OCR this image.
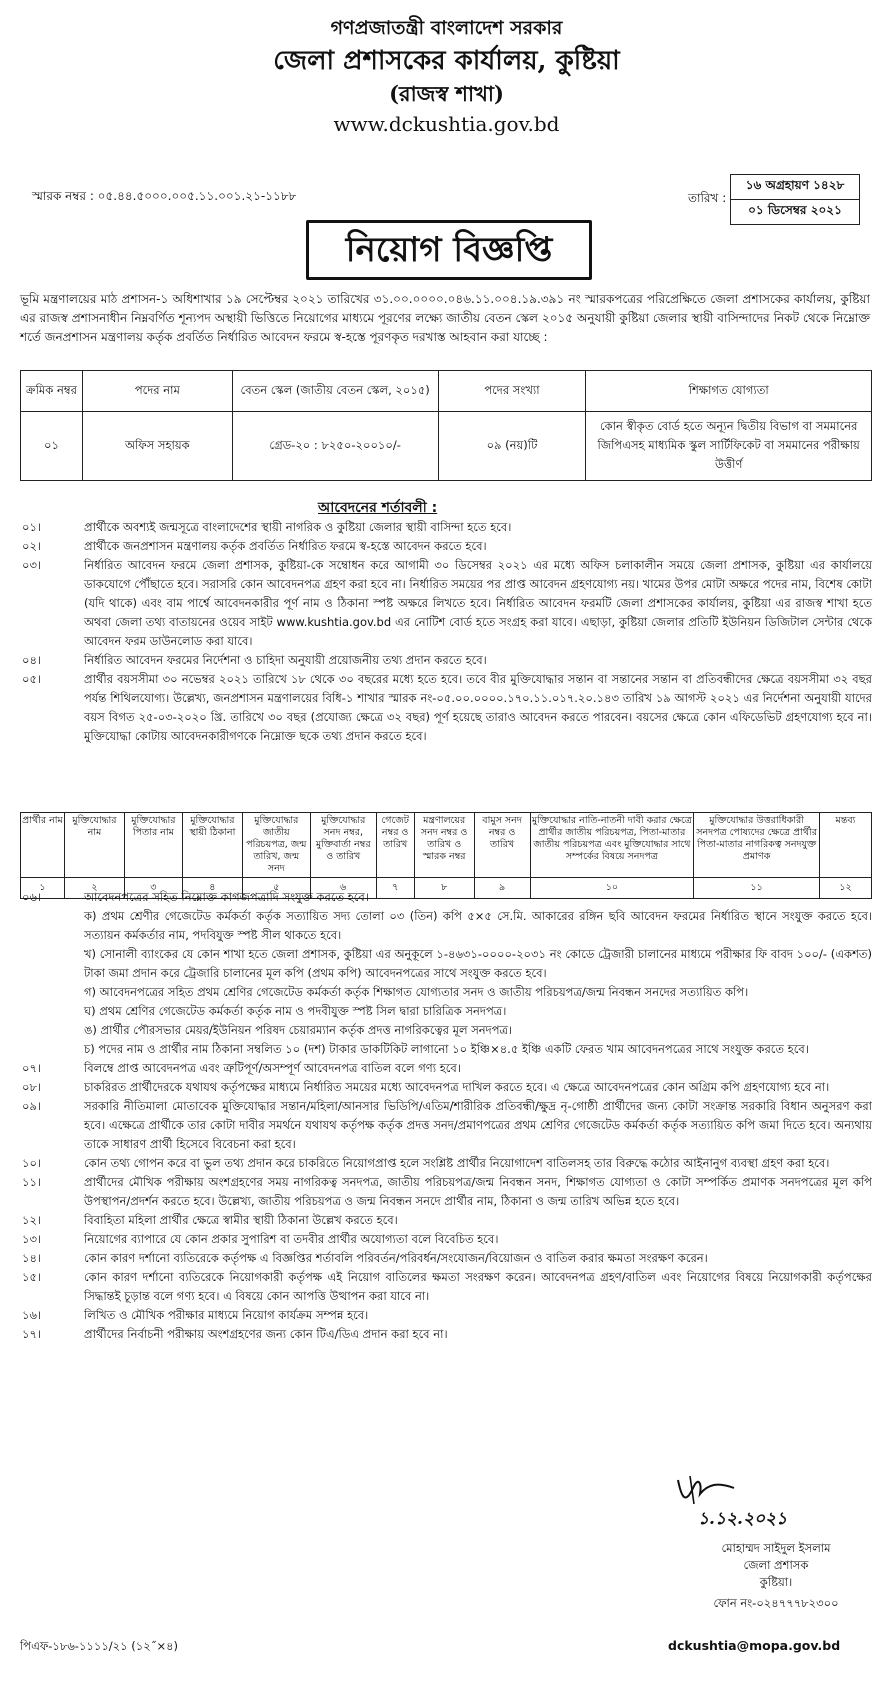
গণপ্রজাতন্ত্রী বাংলাদেশ সরকার
জেলা প্রশাসকের কার্যালয়, কুষ্টিয়া
(রাজস্ব শাখা)
www.dckushtia.gov.bd
স্মারক নম্বর : ০৫.৪৪.৫০০০.০০৫.১১.০০১.২১-১১৮৮	তারিখ :
১৬ অগ্রহায়ণ ১৪২৮
০১ ডিসেম্বর ২০২১
নিয়োগ বিজ্ঞপ্তি
ভূমি মন্ত্রণালয়ের মাঠ প্রশাসন-১ অধিশাখার ১৯ সেপ্টেম্বর ২০২১ তারিখের ৩১.০০.০০০০.০৪৬.১১.০০৪.১৯.৩৯১ নং স্মারকপত্রের পরিপ্রেক্ষিতে জেলা প্রশাসকের কার্যালয়, কুষ্টিয়া এর রাজস্ব প্রশাসনাধীন নিম্নবর্ণিত শূন্যপদ অস্থায়ী ভিত্তিতে নিয়োগের মাধ্যমে পূরণের লক্ষ্যে জাতীয় বেতন স্কেল ২০১৫ অনুযায়ী কুষ্টিয়া জেলার স্থায়ী বাসিন্দাদের নিকট থেকে নিম্নোক্ত শর্তে জনপ্রশাসন মন্ত্রণালয় কর্তৃক প্রবর্তিত নির্ধারিত আবেদন ফরমে স্ব-হস্তে পূরণকৃত দরখাস্ত আহবান করা যাচ্ছে :
ক্রমিক নম্বর	পদের নাম	বেতন স্কেল (জাতীয় বেতন স্কেল, ২০১৫)	পদের সংখ্যা	শিক্ষাগত যোগ্যতা
০১	অফিস সহায়ক	গ্রেড-২০ : ৮২৫০-২০০১০/-	০৯ (নয়)টি	কোন স্বীকৃত বোর্ড হতে অন্যূন দ্বিতীয় বিভাগ বা সমমানের জিপিএসহ মাধ্যমিক স্কুল সার্টিফিকেট বা সমমানের পরীক্ষায় উত্তীর্ণ
আবেদনের শর্তাবলী :
০১।	প্রার্থীকে অবশ্যই জন্মসূত্রে বাংলাদেশের স্থায়ী নাগরিক ও কুষ্টিয়া জেলার স্থায়ী বাসিন্দা হতে হবে।
০২।	প্রার্থীকে জনপ্রশাসন মন্ত্রণালয় কর্তৃক প্রবর্তিত নির্ধারিত ফরমে স্ব-হস্তে আবেদন করতে হবে।
০৩।	নির্ধারিত আবেদন ফরমে জেলা প্রশাসক, কুষ্টিয়া-কে সম্বোধন করে আগামী ৩০ ডিসেম্বর ২০২১ এর মধ্যে অফিস চলাকালীন সময়ে জেলা প্রশাসক, কুষ্টিয়া এর কার্যালয়ে ডাকযোগে পৌঁছাতে হবে। সরাসরি কোন আবেদনপত্র গ্রহণ করা হবে না। নির্ধারিত সময়ের পর প্রাপ্ত আবেদন গ্রহণযোগ্য নয়। খামের উপর মোটা অক্ষরে পদের নাম, বিশেষ কোটা (যদি থাকে) এবং বাম পার্শ্বে আবেদনকারীর পূর্ণ নাম ও ঠিকানা স্পষ্ট অক্ষরে লিখতে হবে। নির্ধারিত আবেদন ফরমটি জেলা প্রশাসকের কার্যালয়, কুষ্টিয়া এর রাজস্ব শাখা হতে অথবা জেলা তথ্য বাতায়নের ওয়েব সাইট www.kushtia.gov.bd এর নোটিশ বোর্ড হতে সংগ্রহ করা যাবে। এছাড়া, কুষ্টিয়া জেলার প্রতিটি ইউনিয়ন ডিজিটাল সেন্টার থেকে আবেদন ফরম ডাউনলোড করা যাবে।
০৪।	নির্ধারিত আবেদন ফরমের নির্দেশনা ও চাহিদা অনুযায়ী প্রয়োজনীয় তথ্য প্রদান করতে হবে।
০৫।	প্রার্থীর বয়সসীমা ৩০ নভেম্বর ২০২১ তারিখে ১৮ থেকে ৩০ বছরের মধ্যে হতে হবে। তবে বীর মুক্তিযোদ্ধার সন্তান বা সন্তানের সন্তান বা প্রতিবন্ধীদের ক্ষেত্রে বয়সসীমা ৩২ বছর পর্যন্ত শিথিলযোগ্য। উল্লেখ্য, জনপ্রশাসন মন্ত্রণালয়ের বিধি-১ শাখার স্মারক নং-০৫.০০.০০০০.১৭০.১১.০১৭.২০.১৪৩ তারিখ ১৯ আগস্ট ২০২১ এর নির্দেশনা অনুযায়ী যাদের বয়স বিগত ২৫-০৩-২০২০ খ্রি. তারিখে ৩০ বছর (প্রযোজ্য ক্ষেত্রে ৩২ বছর) পূর্ণ হয়েছে তারাও আবেদন করতে পারবেন। বয়সের ক্ষেত্রে কোন এফিডেভিট গ্রহণযোগ্য হবে না। মুক্তিযোদ্ধা কোটায় আবেদনকারীগণকে নিম্নোক্ত ছকে তথ্য প্রদান করতে হবে।
প্রার্থীর নাম	মুক্তিযোদ্ধার নাম	মুক্তিযোদ্ধার পিতার নাম	মুক্তিযোদ্ধার স্থায়ী ঠিকানা	মুক্তিযোদ্ধার জাতীয় পরিচয়পত্র, জন্ম তারিখ, জন্ম সনদ	মুক্তিযোদ্ধার সনদ নম্বর, মুক্তিবার্তা নম্বর ও তারিখ	গেজেট নম্বর ও তারিখ	মন্ত্রণালয়ের সনদ নম্বর ও তারিখ ও স্মারক নম্বর	বামুস সনদ নম্বর ও তারিখ	মুক্তিযোদ্ধার নাতি-নাতনী দাবী করার ক্ষেত্রে প্রার্থীর জাতীয় পরিচয়পত্র, পিতা-মাতার জাতীয় পরিচয়পত্র এবং মুক্তিযোদ্ধার সাথে সম্পর্কের বিষয়ে সনদপত্র	মুক্তিযোদ্ধার উত্তরাধিকারী সনদপত্র পোষ্যদের ক্ষেত্রে প্রার্থীর পিতা-মাতার নাগরিকত্ব সনদযুক্ত প্রমাণক	মন্তব্য
১	২	৩	৪	৫	৬	৭	৮	৯	১০	১১	১২
০৬।	আবেদনপত্রের সহিত নিম্নোক্ত কাগজপত্রাদি সংযুক্ত করতে হবে।
ক) প্রথম শ্রেণীর গেজেটেড কর্মকর্তা কর্তৃক সত্যায়িত সদ্য তোলা ০৩ (তিন) কপি ৫×৫ সে.মি. আকারের রঙ্গিন ছবি আবেদন ফরমের নির্ধারিত স্থানে সংযুক্ত করতে হবে। সত্যায়ন কর্মকর্তার নাম, পদবিযুক্ত স্পষ্ট সীল থাকতে হবে।
খ) সোনালী ব্যাংকের যে কোন শাখা হতে জেলা প্রশাসক, কুষ্টিয়া এর অনুকূলে ১-৪৬৩১-০০০০-২০৩১ নং কোডে ট্রেজারী চালানের মাধ্যমে পরীক্ষার ফি বাবদ ১০০/- (একশত) টাকা জমা প্রদান করে ট্রেজারি চালানের মূল কপি (প্রথম কপি) আবেদনপত্রের সাথে সংযুক্ত করতে হবে।
গ) আবেদনপত্রের সহিত প্রথম শ্রেণির গেজেটেড কর্মকর্তা কর্তৃক শিক্ষাগত যোগ্যতার সনদ ও জাতীয় পরিচয়পত্র/জন্ম নিবন্ধন সনদের সত্যায়িত কপি।
ঘ) প্রথম শ্রেণির গেজেটেড কর্মকর্তা কর্তৃক নাম ও পদবীযুক্ত স্পষ্ট সিল দ্বারা চারিত্রিক সনদপত্র।
ঙ) প্রার্থীর পৌরসভার মেয়র/ইউনিয়ন পরিষদ চেয়ারম্যান কর্তৃক প্রদত্ত নাগরিকত্বের মূল সনদপত্র।
চ) পদের নাম ও প্রার্থীর নাম ঠিকানা সম্বলিত ১০ (দশ) টাকার ডাকটিকিট লাগানো ১০ ইঞ্চি×৪.৫ ইঞ্চি একটি ফেরত খাম আবেদনপত্রের সাথে সংযুক্ত করতে হবে।
০৭।	বিলম্বে প্রাপ্ত আবেদনপত্র এবং ত্রুটিপূর্ণ/অসম্পূর্ণ আবেদনপত্র বাতিল বলে গণ্য হবে।
০৮।	চাকরিরত প্রার্থীদেরকে যথাযথ কর্তৃপক্ষের মাধ্যমে নির্ধারিত সময়ের মধ্যে আবেদনপত্র দাখিল করতে হবে। এ ক্ষেত্রে আবেদনপত্রের কোন অগ্রিম কপি গ্রহণযোগ্য হবে না।
০৯।	সরকারি নীতিমালা মোতাবেক মুক্তিযোদ্ধার সন্তান/মহিলা/আনসার ভিডিপি/এতিম/শারীরিক প্রতিবন্ধী/ক্ষুদ্র নৃ-গোষ্ঠী প্রার্থীদের জন্য কোটা সংক্রান্ত সরকারি বিধান অনুসরণ করা হবে। এক্ষেত্রে প্রার্থীকে তার কোটা দাবীর সমর্থনে যথাযথ কর্তৃপক্ষ কর্তৃক প্রদত্ত সনদ/প্রমাণপত্রের প্রথম শ্রেণির গেজেটেড কর্মকর্তা কর্তৃক সত্যায়িত কপি জমা দিতে হবে। অন্যথায় তাকে সাধারণ প্রার্থী হিসেবে বিবেচনা করা হবে।
১০।	কোন তথ্য গোপন করে বা ভুল তথ্য প্রদান করে চাকরিতে নিয়োগপ্রাপ্ত হলে সংশ্লিষ্ট প্রার্থীর নিয়োগাদেশ বাতিলসহ তার বিরুদ্ধে কঠোর আইনানুগ ব্যবস্থা গ্রহণ করা হবে।
১১।	প্রার্থীদের মৌখিক পরীক্ষায় অংশগ্রহণের সময় নাগরিকত্ব সনদপত্র, জাতীয় পরিচয়পত্র/জন্ম নিবন্ধন সনদ, শিক্ষাগত যোগ্যতা ও কোটা সম্পর্কিত প্রমাণক সনদপত্রের মূল কপি উপস্থাপন/প্রদর্শন করতে হবে। উল্লেখ্য, জাতীয় পরিচয়পত্র ও জন্ম নিবন্ধন সনদে প্রার্থীর নাম, ঠিকানা ও জন্ম তারিখ অভিন্ন হতে হবে।
১২।	বিবাহিতা মহিলা প্রার্থীর ক্ষেত্রে স্বামীর স্থায়ী ঠিকানা উল্লেখ করতে হবে।
১৩।	নিয়োগের ব্যাপারে যে কোন প্রকার সুপারিশ বা তদবীর প্রার্থীর অযোগ্যতা বলে বিবেচিত হবে।
১৪।	কোন কারণ দর্শানো ব্যতিরেকে কর্তৃপক্ষ এ বিজ্ঞপ্তির শর্তাবলি পরিবর্তন/পরিবর্ধন/সংযোজন/বিয়োজন ও বাতিল করার ক্ষমতা সংরক্ষণ করেন।
১৫।	কোন কারণ দর্শানো ব্যতিরেকে নিয়োগকারী কর্তৃপক্ষ এই নিয়োগ বাতিলের ক্ষমতা সংরক্ষণ করেন। আবেদনপত্র গ্রহণ/বাতিল এবং নিয়োগের বিষয়ে নিয়োগকারী কর্তৃপক্ষের সিদ্ধান্তই চূড়ান্ত বলে গণ্য হবে। এ বিষয়ে কোন আপত্তি উত্থাপন করা যাবে না।
১৬।	লিখিত ও মৌখিক পরীক্ষার মাধ্যমে নিয়োগ কার্যক্রম সম্পন্ন হবে।
১৭।	প্রার্থীদের নির্বাচনী পরীক্ষায় অংশগ্রহণের জন্য কোন টিএ/ডিএ প্রদান করা হবে না।
১.১২.২০২১
মোহাম্মদ সাইদুল ইসলাম
জেলা প্রশাসক
কুষ্টিয়া।
ফোন নং-০২৪৭৭৭৮২৩০০
পিএফ-১৮৬-১১১১/২১ (১২˝×৪)	dckushtia@mopa.gov.bd
